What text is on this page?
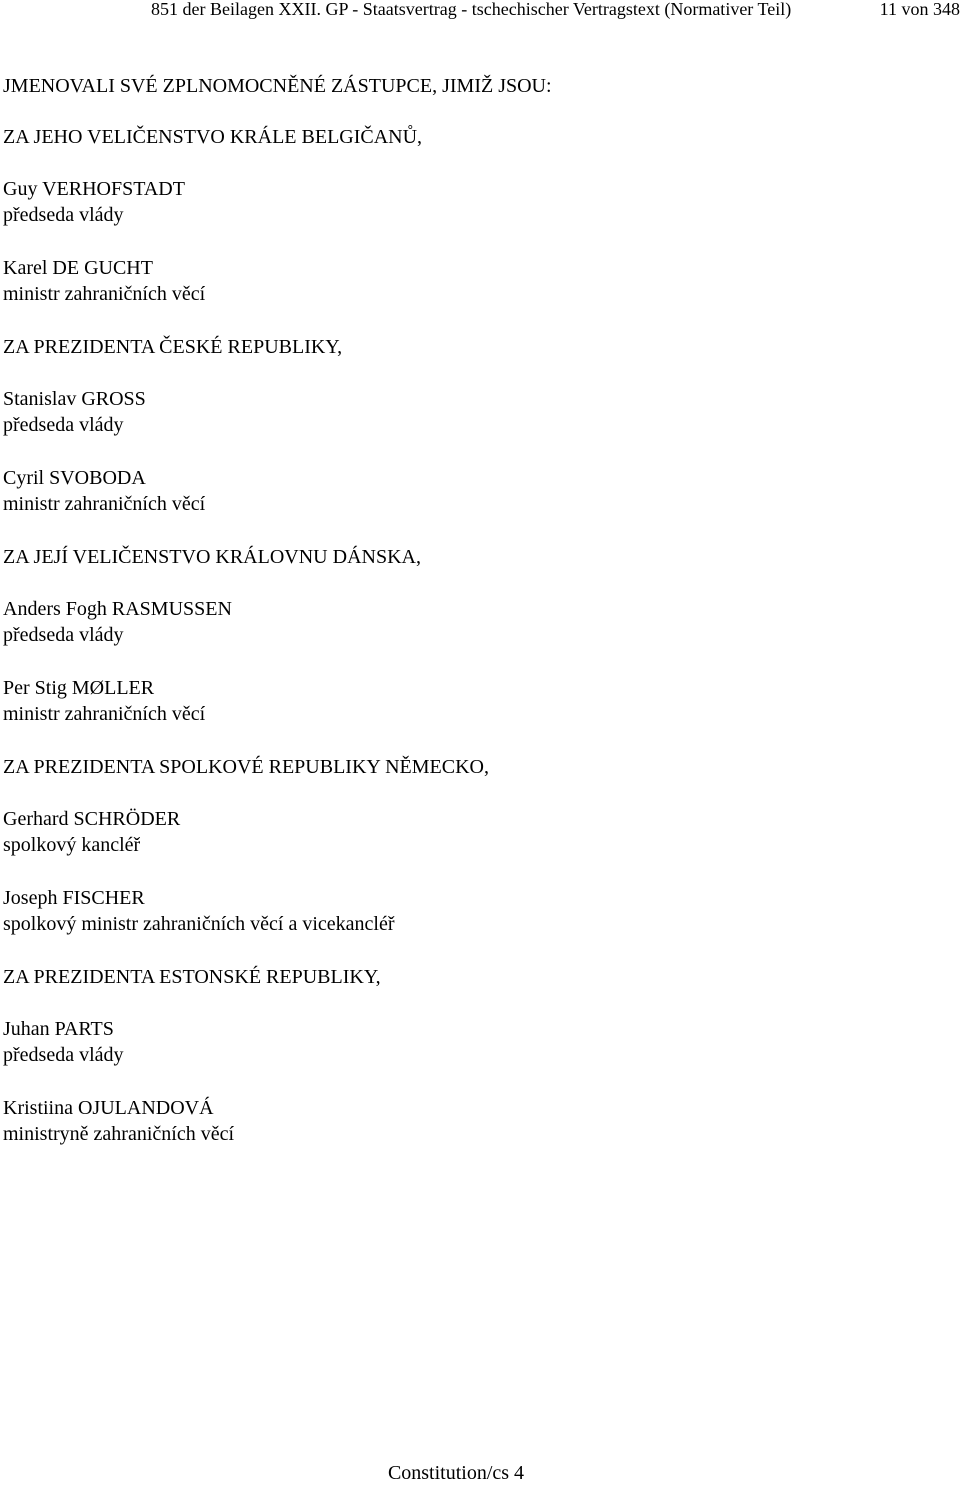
851 der Beilagen XXII. GP - Staatsvertrag - tschechischer Vertragstext (Normativer Teil)	11 von 348
JMENOVALI SVÉ ZPLNOMOCNĚNÉ ZÁSTUPCE, JIMIŽ JSOU:
ZA JEHO VELIČENSTVO KRÁLE BELGIČANŮ,
Guy VERHOFSTADT
předseda vlády
Karel DE GUCHT
ministr zahraničních věcí
ZA PREZIDENTA ČESKÉ REPUBLIKY,
Stanislav GROSS
předseda vlády
Cyril SVOBODA
ministr zahraničních věcí
ZA JEJÍ VELIČENSTVO KRÁLOVNU DÁNSKA,
Anders Fogh RASMUSSEN
předseda vlády
Per Stig MØLLER
ministr zahraničních věcí
ZA PREZIDENTA SPOLKOVÉ REPUBLIKY NĚMECKO,
Gerhard SCHRÖDER
spolkový kancléř
Joseph FISCHER
spolkový ministr zahraničních věcí a vicekancléř
ZA PREZIDENTA ESTONSKÉ REPUBLIKY,
Juhan PARTS
předseda vlády
Kristiina OJULANDOVÁ
ministryně zahraničních věcí
Constitution/cs 4
